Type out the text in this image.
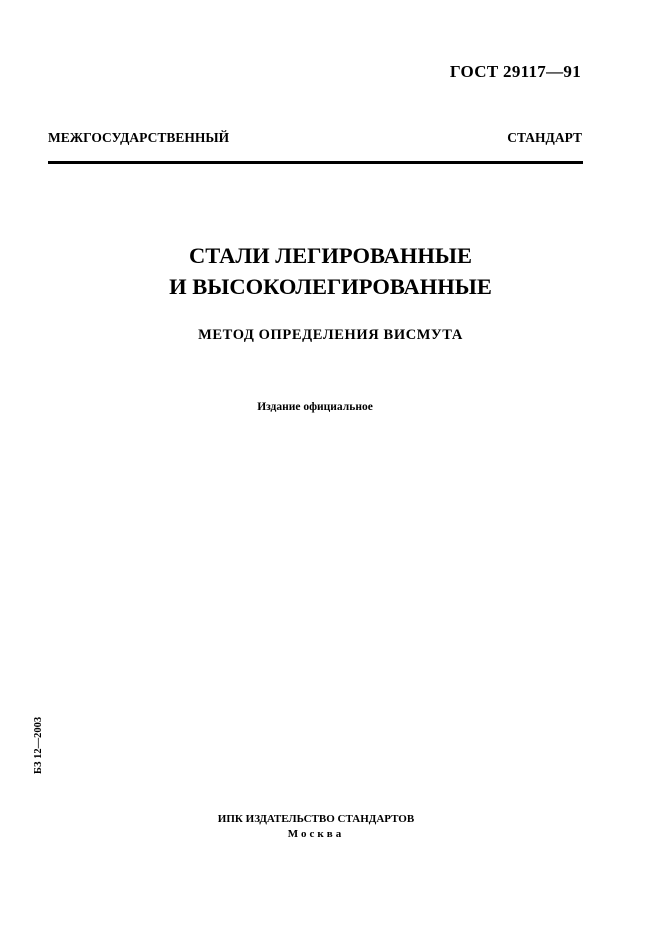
ГОСТ 29117—91
МЕЖГОСУДАРСТВЕННЫЙ СТАНДАРТ
СТАЛИ ЛЕГИРОВАННЫЕ
И ВЫСОКОЛЕГИРОВАННЫЕ
МЕТОД ОПРЕДЕЛЕНИЯ ВИСМУТА
Издание официальное
БЗ 12—2003
ИПК ИЗДАТЕЛЬСТВО СТАНДАРТОВ
Москва
